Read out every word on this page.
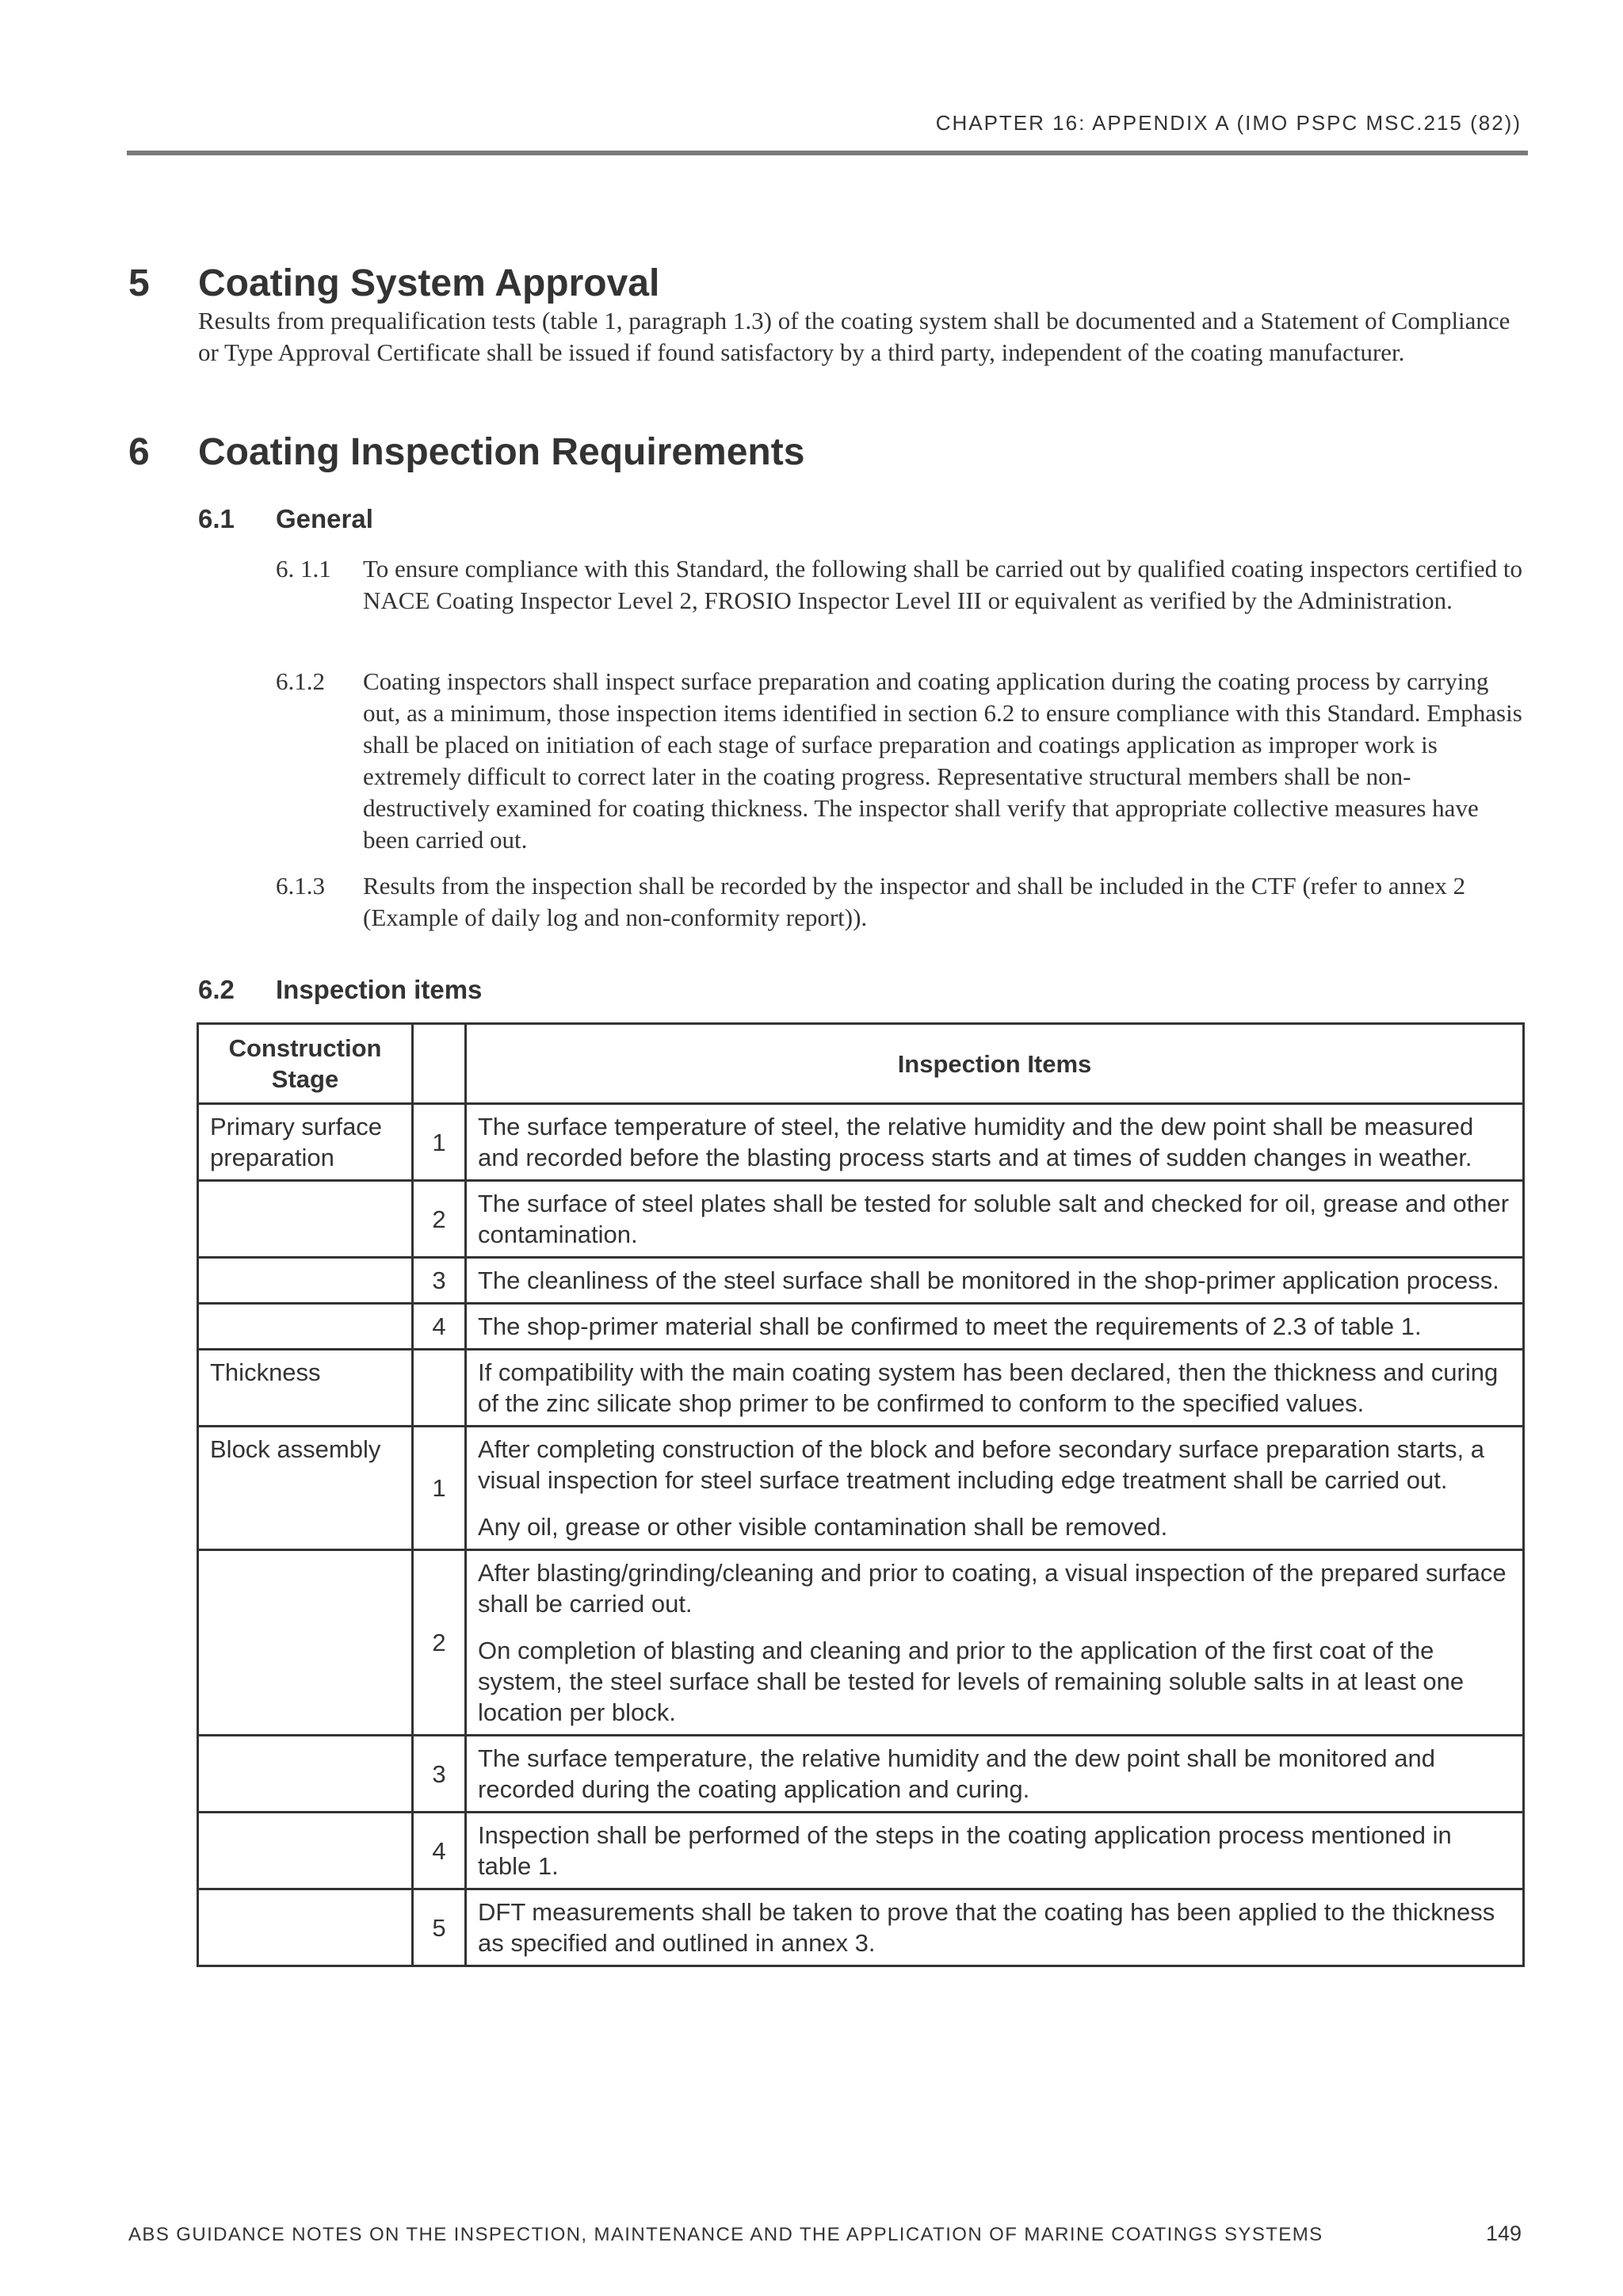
CHAPTER 16: APPENDIX A (IMO PSPC MSC.215 (82))
5 Coating System Approval
Results from prequalification tests (table 1, paragraph 1.3) of the coating system shall be documented and a Statement of Compliance or Type Approval Certificate shall be issued if found satisfactory by a third party, independent of the coating manufacturer.
6 Coating Inspection Requirements
6.1 General
6. 1.1 To ensure compliance with this Standard, the following shall be carried out by qualified coating inspectors certified to NACE Coating Inspector Level 2, FROSIO Inspector Level III or equivalent as verified by the Administration.
6.1.2 Coating inspectors shall inspect surface preparation and coating application during the coating process by carrying out, as a minimum, those inspection items identified in section 6.2 to ensure compliance with this Standard. Emphasis shall be placed on initiation of each stage of surface preparation and coatings application as improper work is extremely difficult to correct later in the coating progress. Representative structural members shall be non-destructively examined for coating thickness. The inspector shall verify that appropriate collective measures have been carried out.
6.1.3 Results from the inspection shall be recorded by the inspector and shall be included in the CTF (refer to annex 2 (Example of daily log and non-conformity report)).
6.2 Inspection items
Construction Stage		Inspection Items
Primary surface preparation	1	The surface temperature of steel, the relative humidity and the dew point shall be measured and recorded before the blasting process starts and at times of sudden changes in weather.

	2	The surface of steel plates shall be tested for soluble salt and checked for oil, grease and other contamination.

	3	The cleanliness of the steel surface shall be monitored in the shop-primer application process.

	4	The shop-primer material shall be confirmed to meet the requirements of 2.3 of table 1.

Thickness		If compatibility with the main coating system has been declared, then the thickness and curing of the zinc silicate shop primer to be confirmed to conform to the specified values.

Block assembly	1	After completing construction of the block and before secondary surface preparation starts, a visual inspection for steel surface treatment including edge treatment shall be carried out.

Any oil, grease or other visible contamination shall be removed.

	2	After blasting/grinding/cleaning and prior to coating, a visual inspection of the prepared surface shall be carried out.

On completion of blasting and cleaning and prior to the application of the first coat of the system, the steel surface shall be tested for levels of remaining soluble salts in at least one location per block.

	3	The surface temperature, the relative humidity and the dew point shall be monitored and recorded during the coating application and curing.

	4	Inspection shall be performed of the steps in the coating application process mentioned in table 1.

	5	DFT measurements shall be taken to prove that the coating has been applied to the thickness as specified and outlined in annex 3.

ABS GUIDANCE NOTES ON THE INSPECTION, MAINTENANCE AND THE APPLICATION OF MARINE COATINGS SYSTEMS	149
